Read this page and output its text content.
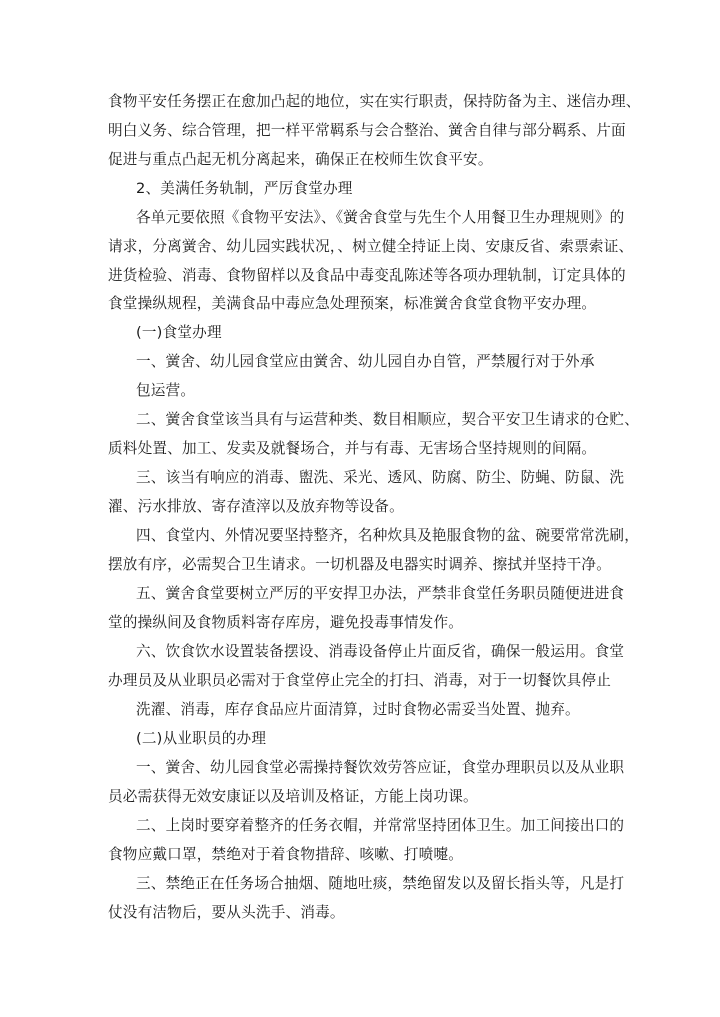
食物平安任务摆正在愈加凸起的地位，实在实行职责，保持防备为主、迷信办理、
明白义务、综合管理，把一样平常羁系与会合整治、黉舍自律与部分羁系、片面
促进与重点凸起无机分离起来，确保正在校师生饮食平安。
2、美满任务轨制，严厉食堂办理
各单元要依照《食物平安法》、《黉舍食堂与先生个人用餐卫生办理规则》的
请求，分离黉舍、幼儿园实践状况，、树立健全持证上岗、安康反省、索票索证、
进货检验、消毒、食物留样以及食品中毒变乱陈述等各项办理轨制，订定具体的
食堂操纵规程，美满食品中毒应急处理预案，标准黉舍食堂食物平安办理。
(一)食堂办理
一、黉舍、幼儿园食堂应由黉舍、幼儿园自办自管，严禁履行对于外承
包运营。
二、黉舍食堂该当具有与运营种类、数目相顺应，契合平安卫生请求的仓贮、
质料处置、加工、发卖及就餐场合，并与有毒、无害场合坚持规则的间隔。
三、该当有响应的消毒、盥洗、采光、透风、防腐、防尘、防蝇、防鼠、洗
濯、污水排放、寄存渣滓以及放弃物等设备。
四、食堂内、外情况要坚持整齐，名种炊具及艳服食物的盆、碗要常常洗刷，
摆放有序，必需契合卫生请求。一切机器及电器实时调养、擦拭并坚持干净。
五、黉舍食堂要树立严厉的平安捍卫办法，严禁非食堂任务职员随便进进食
堂的操纵间及食物质料寄存库房，避免投毒事情发作。
六、饮食饮水设置装备摆设、消毒设备停止片面反省，确保一般运用。食堂
办理员及从业职员必需对于食堂停止完全的打扫、消毒，对于一切餐饮具停止
洗濯、消毒，库存食品应片面清算，过时食物必需妥当处置、抛弃。
(二)从业职员的办理
一、黉舍、幼儿园食堂必需操持餐饮效劳答应证，食堂办理职员以及从业职
员必需获得无效安康证以及培训及格证，方能上岗功课。
二、上岗时要穿着整齐的任务衣帽，并常常坚持团体卫生。加工间接出口的
食物应戴口罩，禁绝对于着食物措辞、咳嗽、打喷嚏。
三、禁绝正在任务场合抽烟、随地吐痰，禁绝留发以及留长指头等，凡是打
仗没有洁物后，要从头洗手、消毒。
